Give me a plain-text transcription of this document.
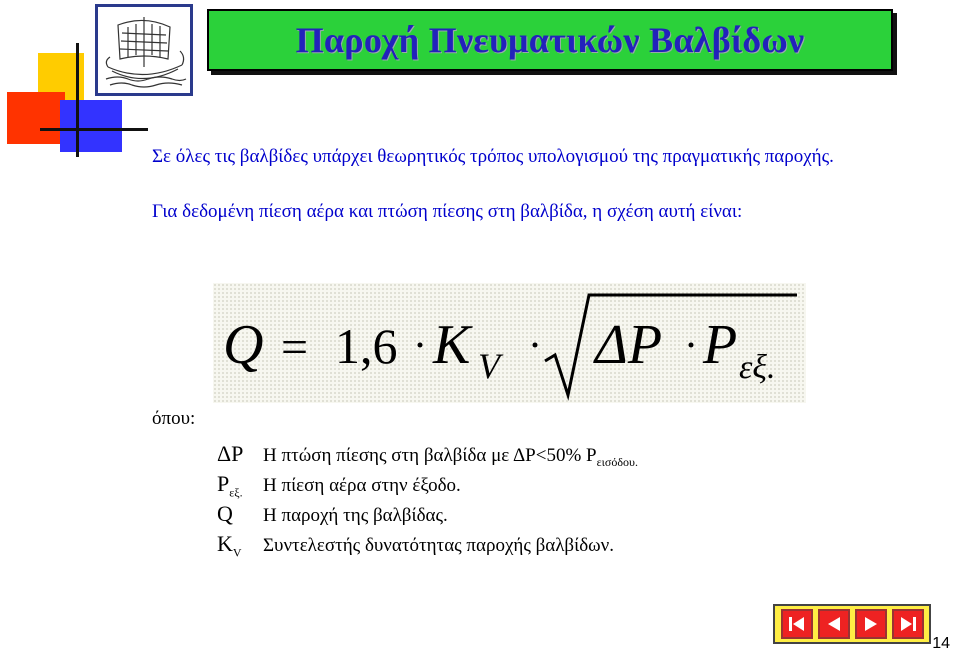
Παροχή Πνευματικών Βαλβίδων
Σε όλες τις βαλβίδες υπάρχει θεωρητικός τρόπος υπολογισμού της πραγματικής παροχής.
Για δεδομένη πίεση αέρα και πτώση πίεσης στη βαλβίδα, η σχέση αυτή είναι:
Q = 1,6 K V ΔP P εξ.
όπου:
ΔP	Η πτώση πίεσης στη βαλβίδα με ΔP<50% $P_{\varepsilon\iota\sigma ό\delta o\upsilon.}$
$P_{\varepsilon\xi.}$	Η πίεση αέρα στην έξοδο.
Q	Η παροχή της βαλβίδας.
$K_V$	Συντελεστής δυνατότητας παροχής βαλβίδων.
14
